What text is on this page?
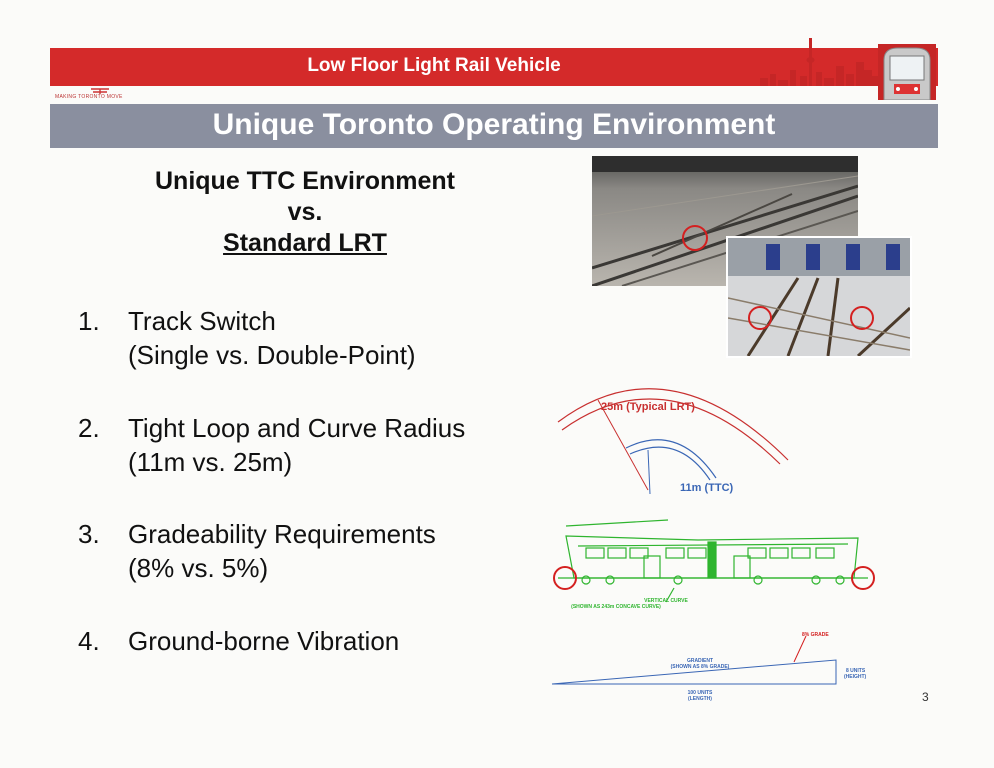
Low Floor Light Rail Vehicle
MAKING TORONTO MOVE
Unique Toronto Operating Environment
Unique TTC Environment
vs.
Standard LRT
1.	Track Switch
(Single vs. Double-Point)
2.	Tight Loop and Curve Radius
(11m vs. 25m)
3.	Gradeability Requirements
(8% vs. 5%)
4.	Ground-borne Vibration
25m (Typical LRT)
11m (TTC)
VERTICAL CURVE
(SHOWN AS 243m CONCAVE CURVE)
8% GRADE
GRADIENT
(SHOWN AS 8% GRADE)
8 UNITS
(HEIGHT)
100 UNITS
(LENGTH)	3
